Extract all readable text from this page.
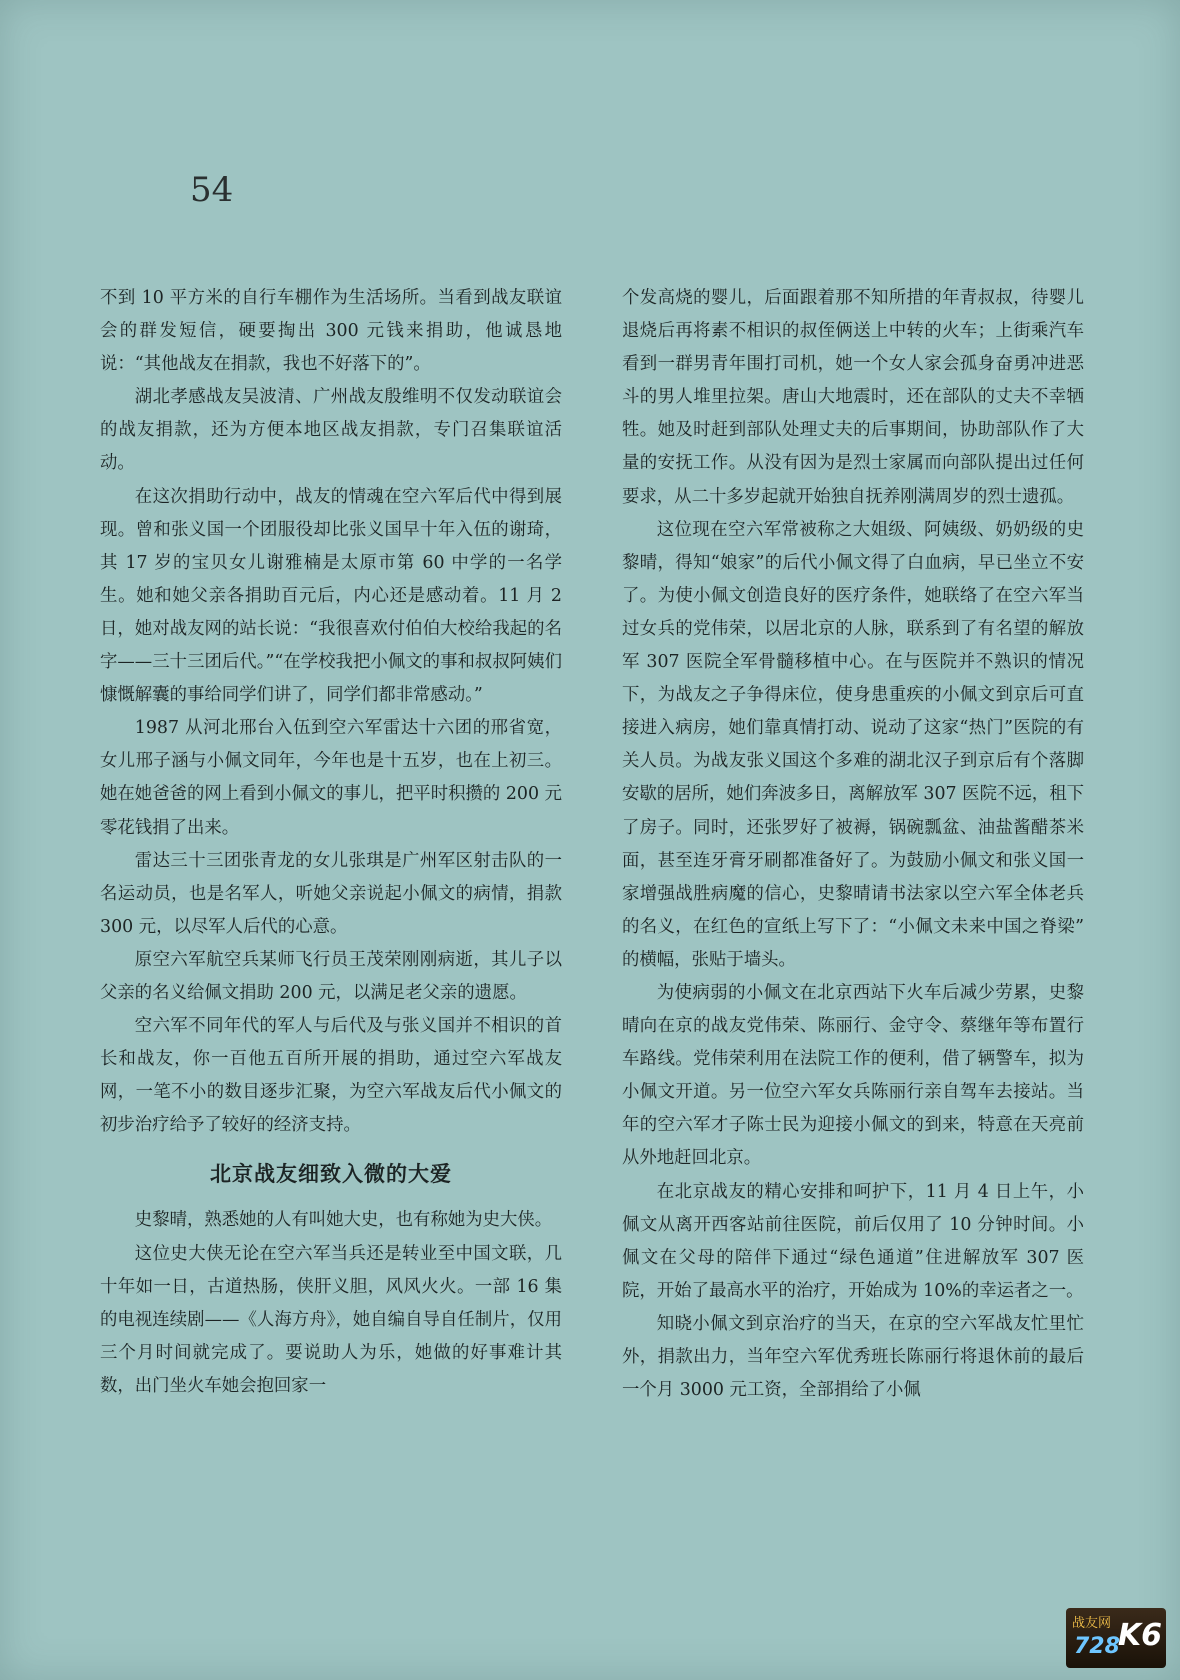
54

不到 10 平方米的自行车棚作为生活场所。当看到战友联谊会的群发短信，硬要掏出 300 元钱来捐助，他诚恳地说：“其他战友在捐款，我也不好落下的”。

湖北孝感战友吴波清、广州战友殷维明不仅发动联谊会的战友捐款，还为方便本地区战友捐款，专门召集联谊活动。

在这次捐助行动中，战友的情魂在空六军后代中得到展现。曾和张义国一个团服役却比张义国早十年入伍的谢琦，其 17 岁的宝贝女儿谢雅楠是太原市第 60 中学的一名学生。她和她父亲各捐助百元后，内心还是感动着。11 月 2 日，她对战友网的站长说：“我很喜欢付伯伯大校给我起的名字——三十三团后代。”“在学校我把小佩文的事和叔叔阿姨们慷慨解囊的事给同学们讲了，同学们都非常感动。”

1987 从河北邢台入伍到空六军雷达十六团的邢省宽，女儿邢子涵与小佩文同年，今年也是十五岁，也在上初三。她在她爸爸的网上看到小佩文的事儿，把平时积攒的 200 元零花钱捐了出来。

雷达三十三团张青龙的女儿张琪是广州军区射击队的一名运动员，也是名军人，听她父亲说起小佩文的病情，捐款 300 元，以尽军人后代的心意。

原空六军航空兵某师飞行员王茂荣刚刚病逝，其儿子以父亲的名义给佩文捐助 200 元，以满足老父亲的遗愿。

空六军不同年代的军人与后代及与张义国并不相识的首长和战友，你一百他五百所开展的捐助，通过空六军战友网，一笔不小的数目逐步汇聚，为空六军战友后代小佩文的初步治疗给予了较好的经济支持。

北京战友细致入微的大爱

史黎晴，熟悉她的人有叫她大史，也有称她为史大侠。

这位史大侠无论在空六军当兵还是转业至中国文联，几十年如一日，古道热肠，侠肝义胆，风风火火。一部 16 集的电视连续剧——《人海方舟》，她自编自导自任制片，仅用三个月时间就完成了。要说助人为乐，她做的好事难计其数，出门坐火车她会抱回家一

个发高烧的婴儿，后面跟着那不知所措的年青叔叔，待婴儿退烧后再将素不相识的叔侄俩送上中转的火车；上街乘汽车看到一群男青年围打司机，她一个女人家会孤身奋勇冲进恶斗的男人堆里拉架。唐山大地震时，还在部队的丈夫不幸牺牲。她及时赶到部队处理丈夫的后事期间，协助部队作了大量的安抚工作。从没有因为是烈士家属而向部队提出过任何要求，从二十多岁起就开始独自抚养刚满周岁的烈士遗孤。

这位现在空六军常被称之大姐级、阿姨级、奶奶级的史黎晴，得知“娘家”的后代小佩文得了白血病，早已坐立不安了。为使小佩文创造良好的医疗条件，她联络了在空六军当过女兵的党伟荣，以居北京的人脉，联系到了有名望的解放军 307 医院全军骨髓移植中心。在与医院并不熟识的情况下，为战友之子争得床位，使身患重疾的小佩文到京后可直接进入病房，她们靠真情打动、说动了这家“热门”医院的有关人员。为战友张义国这个多难的湖北汉子到京后有个落脚安歇的居所，她们奔波多日，离解放军 307 医院不远，租下了房子。同时，还张罗好了被褥，锅碗瓢盆、油盐酱醋茶米面，甚至连牙膏牙刷都准备好了。为鼓励小佩文和张义国一家增强战胜病魔的信心，史黎晴请书法家以空六军全体老兵的名义，在红色的宣纸上写下了：“小佩文未来中国之脊梁” 的横幅，张贴于墙头。

为使病弱的小佩文在北京西站下火车后减少劳累，史黎晴向在京的战友党伟荣、陈丽行、金守令、蔡继年等布置行车路线。党伟荣利用在法院工作的便利，借了辆警车，拟为小佩文开道。另一位空六军女兵陈丽行亲自驾车去接站。当年的空六军才子陈士民为迎接小佩文的到来，特意在天亮前从外地赶回北京。

在北京战友的精心安排和呵护下，11 月 4 日上午，小佩文从离开西客站前往医院，前后仅用了 10 分钟时间。小佩文在父母的陪伴下通过“绿色通道”住进解放军 307 医院，开始了最高水平的治疗，开始成为 10%的幸运者之一。

知晓小佩文到京治疗的当天，在京的空六军战友忙里忙外，捐款出力，当年空六军优秀班长陈丽行将退休前的最后一个月 3000 元工资，全部捐给了小佩

战友网
728
K6
